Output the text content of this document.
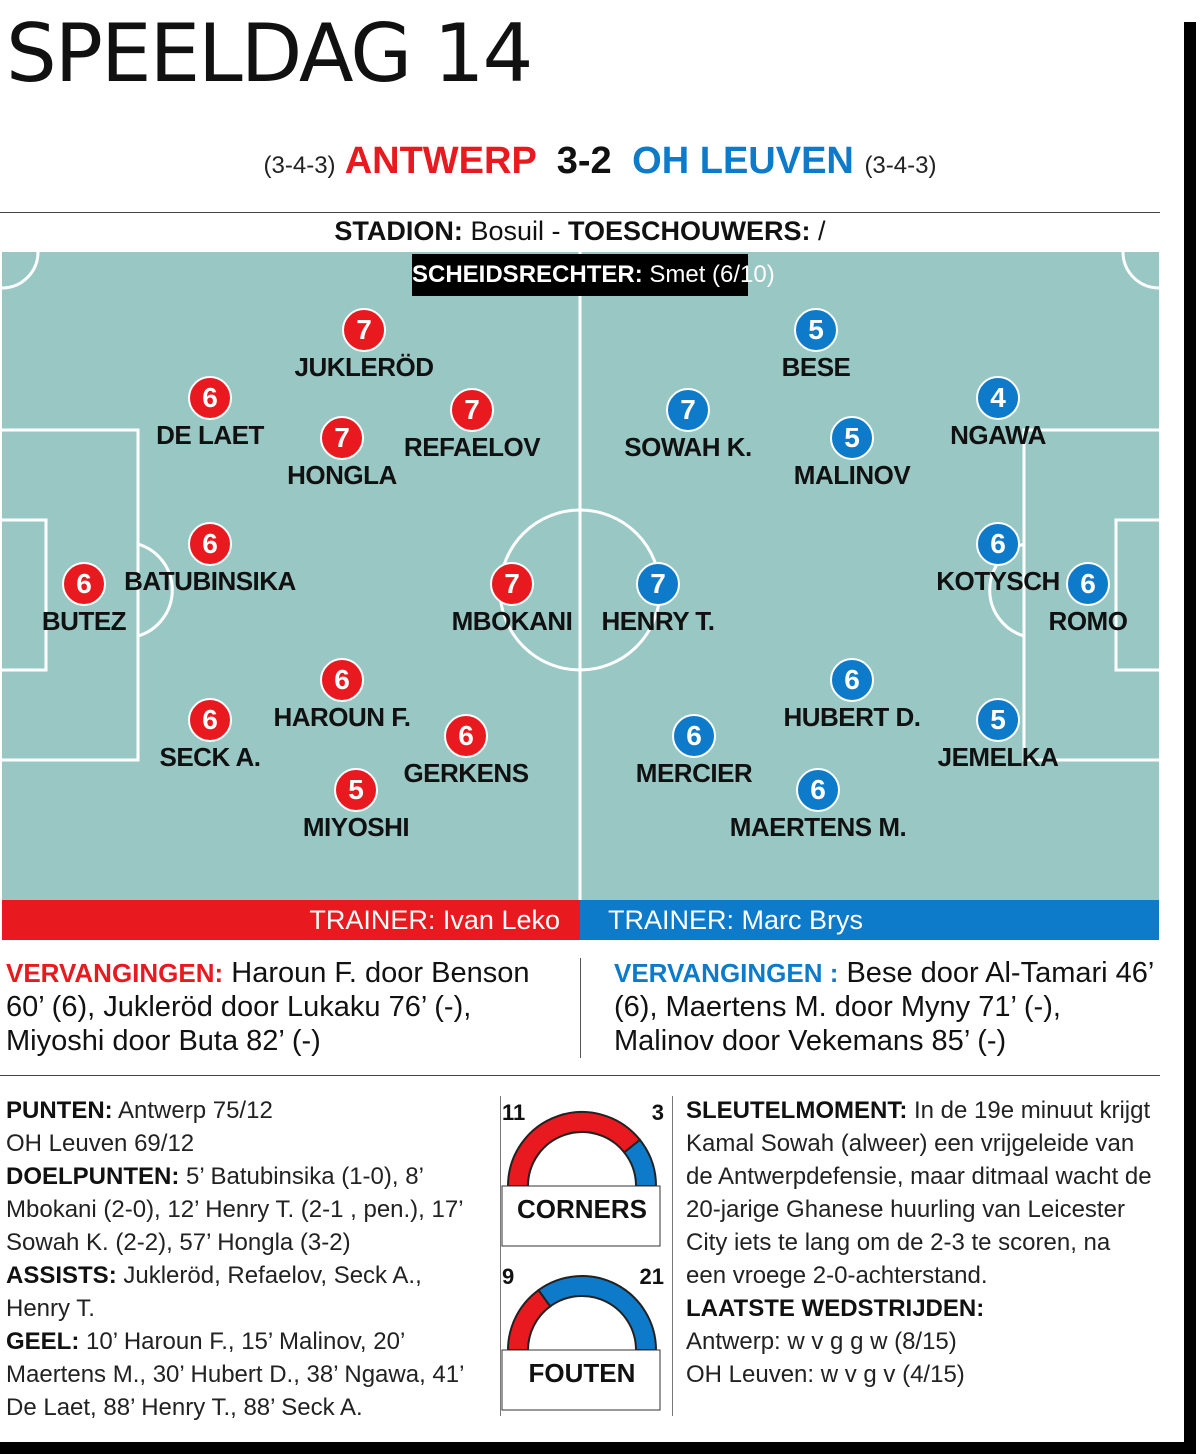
SPEELDAG 14
(3-4-3) ANTWERP 3-2 OH LEUVEN (3-4-3)
STADION: Bosuil - TOESCHOUWERS: /
6
BUTEZ
6
BATUBINSIKA
6
DE LAET
6
SECK A.
7
JUKLERÖD
7
HONGLA
7
REFAELOV
6
HAROUN F.
6
GERKENS
5
MIYOSHI
7
MBOKANI
6
ROMO
6
KOTYSCH
4
NGAWA
5
JEMELKA
5
BESE
5
MALINOV
7
SOWAH K.
6
HUBERT D.
6
MERCIER
6
MAERTENS M.
7
HENRY T.
SCHEIDSRECHTER: Smet (6/10)
TRAINER: Ivan Leko	TRAINER: Marc Brys
VERVANGINGEN: Haroun F. door Benson 60’ (6), Jukleröd door Lukaku 76’ (-), Miyoshi door Buta 82’ (-)
VERVANGINGEN : Bese door Al-Tamari 46’ (6), Maertens M. door Myny 71’ (-), Malinov door Vekemans 85’ (-)
PUNTEN: Antwerp 75/12
OH Leuven 69/12
DOELPUNTEN: 5’ Batubinsika (1-0), 8’ Mbokani (2-0), 12’ Henry T. (2-1 , pen.), 17’ Sowah K. (2-2), 57’ Hongla (3-2)
ASSISTS: Jukleröd, Refaelov, Seck A., Henry T.
GEEL: 10’ Haroun F., 15’ Malinov, 20’ Maertens M., 30’ Hubert D., 38’ Ngawa, 41’ De Laet, 88’ Henry T., 88’ Seck A.
11	3
CORNERS
9	21
FOUTEN
SLEUTELMOMENT: In de 19e minuut krijgt Kamal Sowah (alweer) een vrijgeleide van de Antwerpdefensie, maar ditmaal wacht de 20-jarige Ghanese huurling van Leicester City iets te lang om de 2-3 te scoren, na een vroege 2-0-achterstand.
LAATSTE WEDSTRIJDEN:
Antwerp: w v g g w (8/15)
OH Leuven: w v g v (4/15)
